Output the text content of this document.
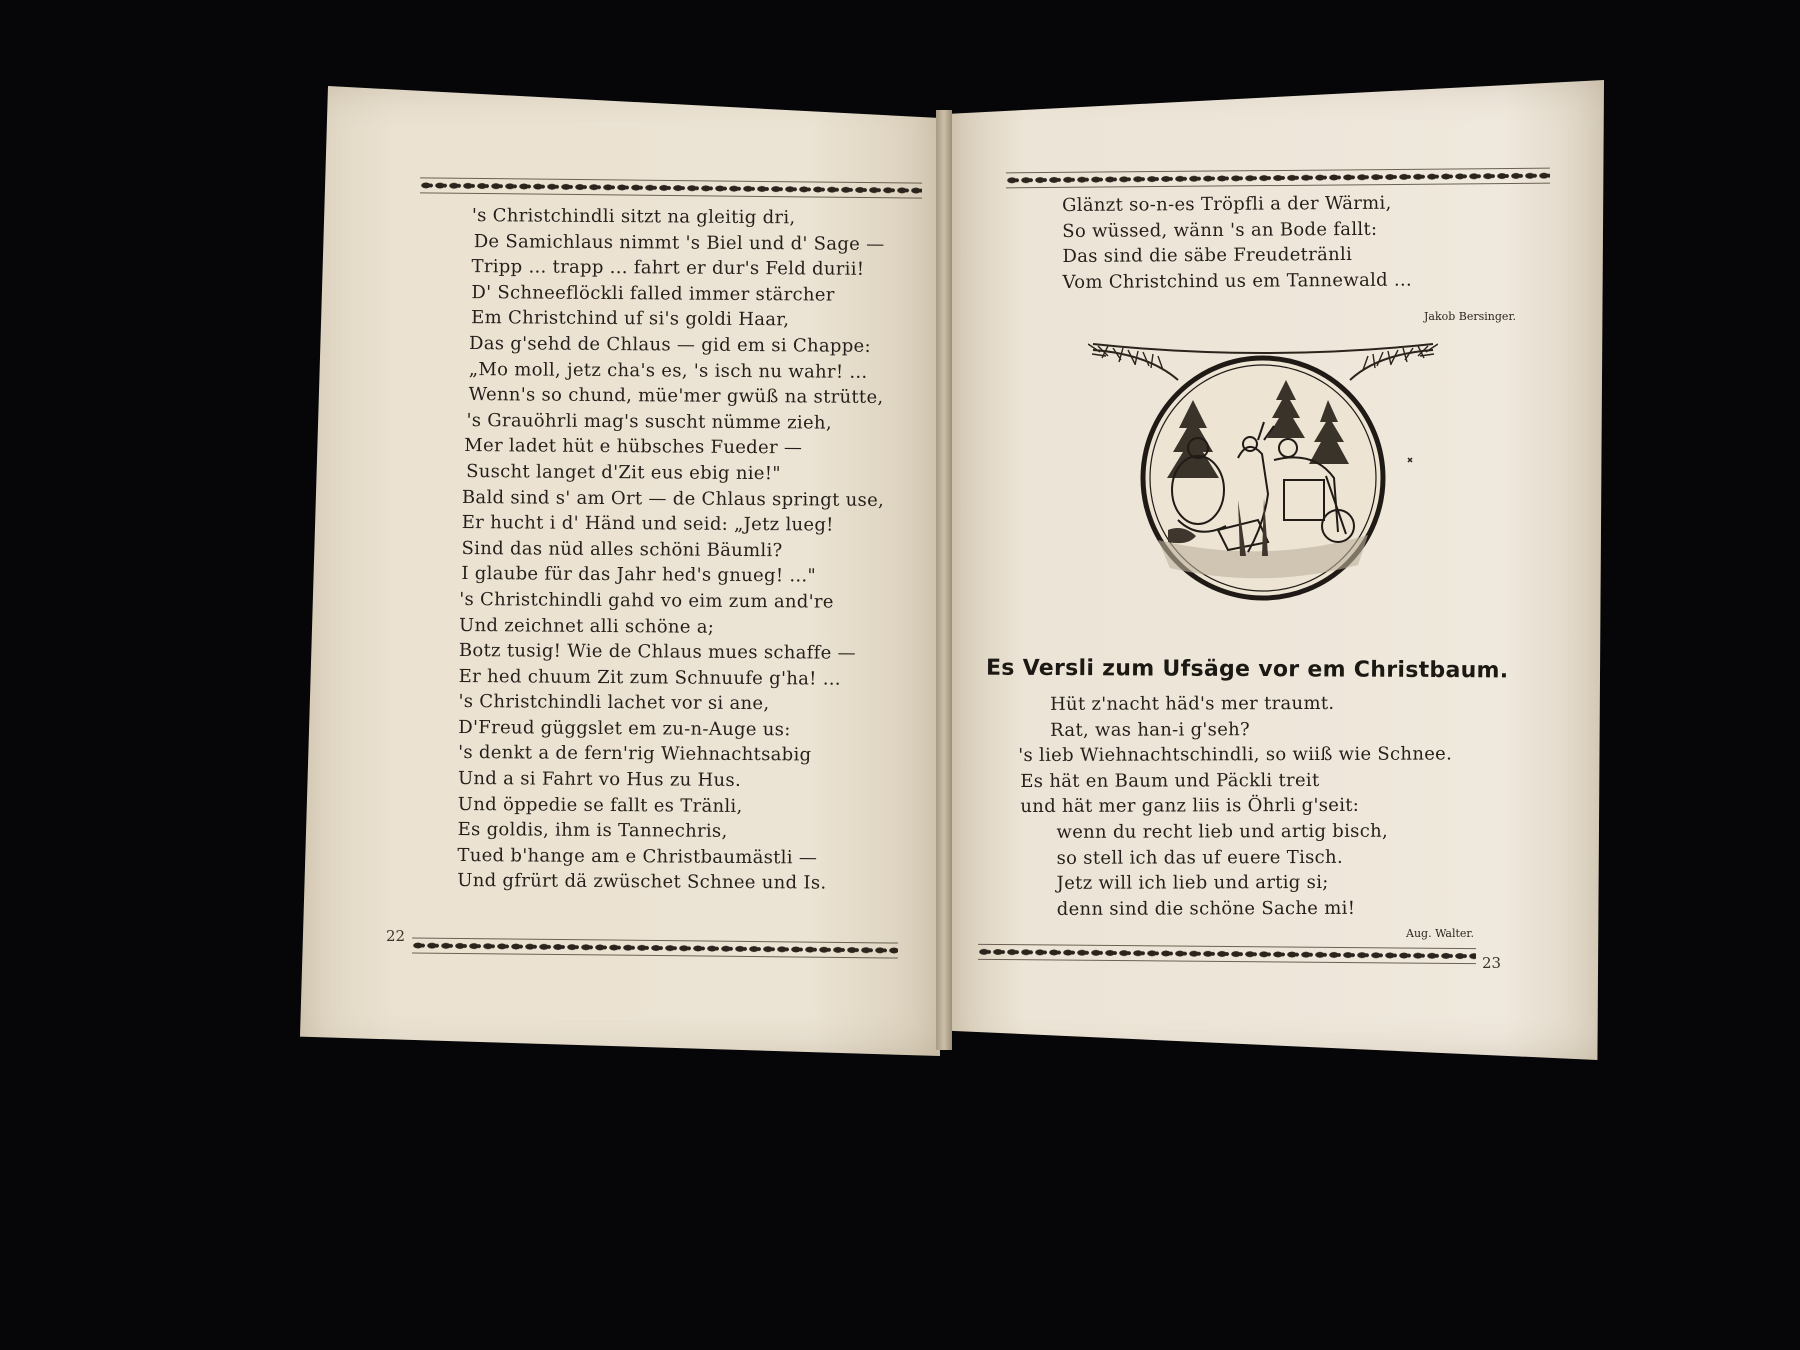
22
's Christchindli sitzt na gleitig dri,
De Samichlaus nimmt 's Biel und d' Sage —
Tripp ... trapp ... fahrt er dur's Feld durii!
D' Schneeflöckli falled immer stärcher
Em Christchind uf si's goldi Haar,
Das g'sehd de Chlaus — gid em si Chappe:
„Mo moll, jetz cha's es, 's isch nu wahr! ...
Wenn's so chund, müe'mer gwüß na strütte,
's Grauöhrli mag's suscht nümme zieh,
Mer ladet hüt e hübsches Fueder —
Suscht langet d'Zit eus ebig nie!"
Bald sind s' am Ort — de Chlaus springt use,
Er hucht i d' Händ und seid: „Jetz lueg!
Sind das nüd alles schöni Bäumli?
I glaube für das Jahr hed's gnueg! ..."
's Christchindli gahd vo eim zum and're
Und zeichnet alli schöne a;
Botz tusig! Wie de Chlaus mues schaffe —
Er hed chuum Zit zum Schnuufe g'ha! ...
's Christchindli lachet vor si ane,
D'Freud güggslet em zu-n-Auge us:
's denkt a de fern'rig Wiehnachtsabig
Und a si Fahrt vo Hus zu Hus.
Und öppedie se fallt es Tränli,
Es goldis, ihm is Tannechris,
Tued b'hange am e Christbaumästli —
Und gfrürt dä zwüschet Schnee und Is.
Glänzt so-n-es Tröpfli a der Wärmi,
So wüssed, wänn 's an Bode fallt:
Das sind die säbe Freudetränli
Vom Christchind us em Tannewald ...
Jakob Bersinger.
Es Versli zum Ufsäge vor em Christbaum.
Hüt z'nacht häd's mer traumt.
Rat, was han-i g'seh?
's lieb Wiehnachtschindli, so wiiß wie Schnee.
Es hät en Baum und Päckli treit
und hät mer ganz liis is Öhrli g'seit:
wenn du recht lieb und artig bisch,
so stell ich das uf euere Tisch.
Jetz will ich lieb und artig si;
denn sind die schöne Sache mi!
Aug. Walter.
23
